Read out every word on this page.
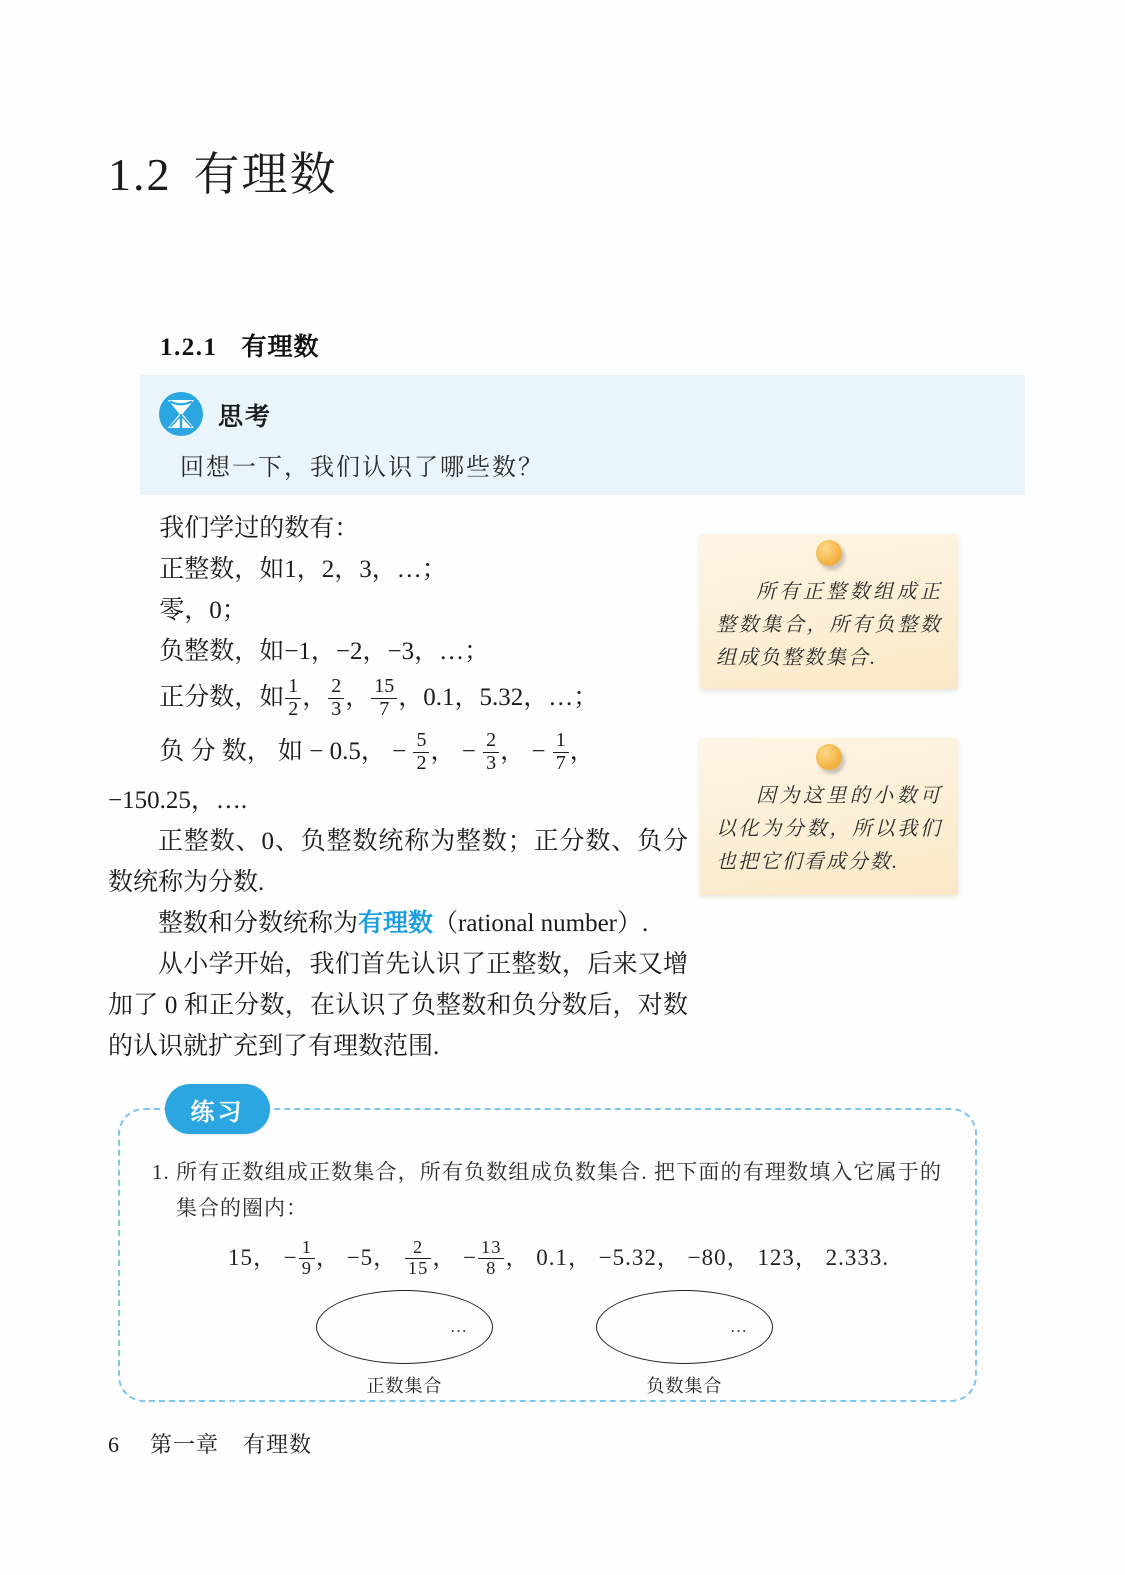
1.2 有理数
1.2.1 有理数
思考
回想一下，我们认识了哪些数？

我们学过的数有：

正整数，如1，2，3，…；

零，0；

负整数，如−1，−2，−3，…；

正分数，如 $\frac{1}{2}$ ， $\frac{2}{3}$ ， $\frac{15}{7}$ ，0.1，5.32，…；

负 分 数， 如 − 0.5， − $\frac{5}{2}$ ， − $\frac{2}{3}$ ， − $\frac{1}{7}$ ，

−150.25，….

正整数、0、负整数统称为整数；正分数、负分数统称为分数.

整数和分数统称为有理数（rational number）.

从小学开始，我们首先认识了正整数，后来又增加了 0 和正分数，在认识了负整数和负分数后，对数的认识就扩充到了有理数范围.

所有正整数组成正整数集合，所有负整数组成负整数集合.
因为这里的小数可以化为分数，所以我们也把它们看成分数.
练习
1. 所有正数组成正数集合，所有负数组成负数集合. 把下面的有理数填入它属于的集合的圈内：
15， − $\frac{1}{9}$ ， −5， $\frac{2}{15}$ ， − $\frac{13}{8}$ ， 0.1， −5.32， −80， 123， 2.333.
…
正数集合
…
负数集合
6 第一章 有理数
